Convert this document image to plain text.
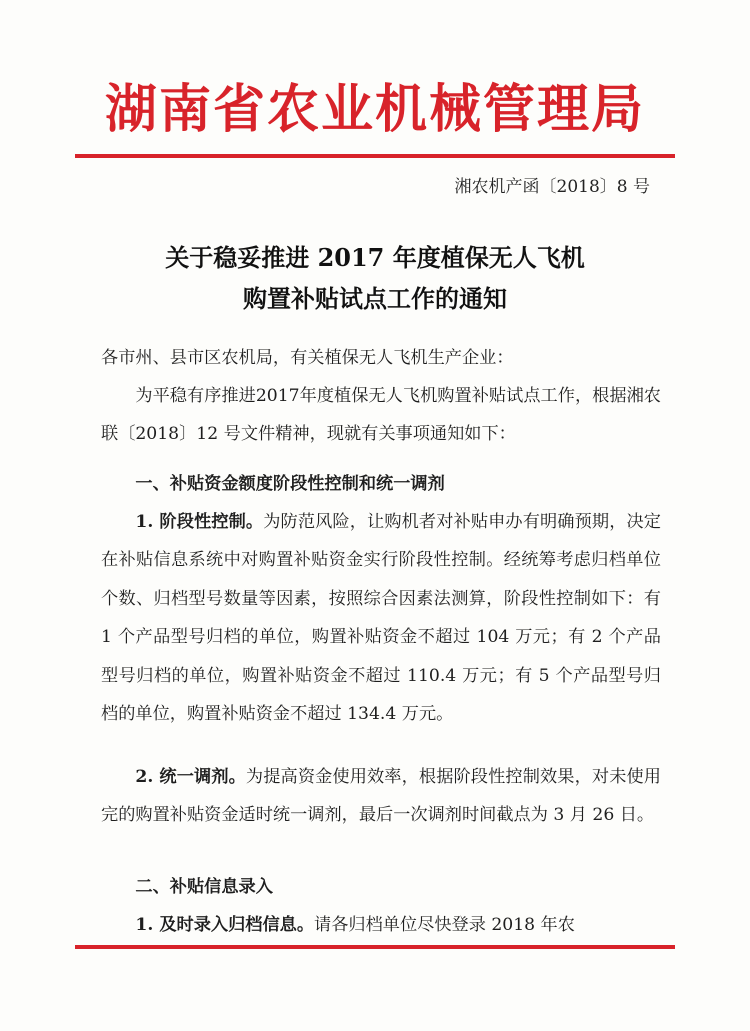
湖南省农业机械管理局
湘农机产函〔2018〕8 号
关于稳妥推进 2017 年度植保无人飞机
购置补贴试点工作的通知
各市州、县市区农机局，有关植保无人飞机生产企业：

为平稳有序推进2017年度植保无人飞机购置补贴试点工作，根据湘农联〔2018〕12 号文件精神，现就有关事项通知如下：

一、补贴资金额度阶段性控制和统一调剂

1. 阶段性控制。为防范风险，让购机者对补贴申办有明确预期，决定在补贴信息系统中对购置补贴资金实行阶段性控制。经统筹考虑归档单位个数、归档型号数量等因素，按照综合因素法测算，阶段性控制如下：有 1 个产品型号归档的单位，购置补贴资金不超过 104 万元；有 2 个产品型号归档的单位，购置补贴资金不超过 110.4 万元；有 5 个产品型号归档的单位，购置补贴资金不超过 134.4 万元。

2. 统一调剂。为提高资金使用效率，根据阶段性控制效果，对未使用完的购置补贴资金适时统一调剂，最后一次调剂时间截点为 3 月 26 日。

二、补贴信息录入

1. 及时录入归档信息。请各归档单位尽快登录 2018 年农
